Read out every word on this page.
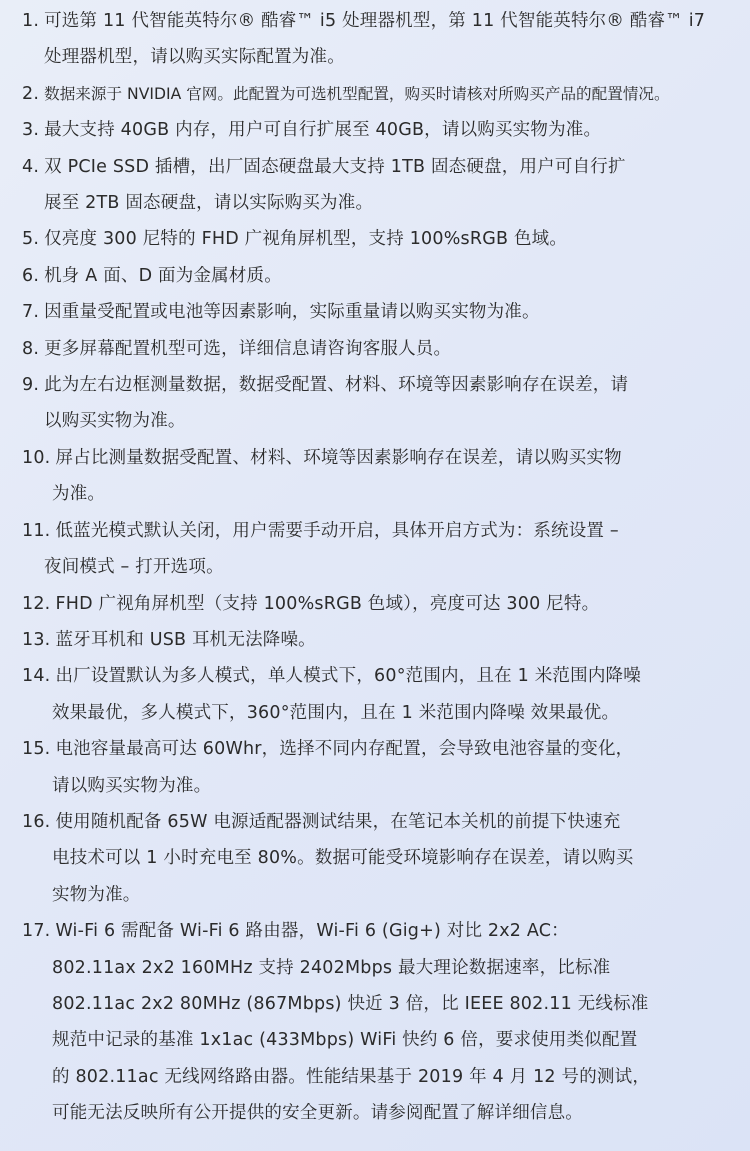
1. 可选第 11 代智能英特尔® 酷睿™ i5 处理器机型，第 11 代智能英特尔® 酷睿™ i7
处理器机型，请以购买实际配置为准。
2. 数据来源于 NVIDIA 官网。此配置为可选机型配置，购买时请核对所购买产品的配置情况。
3. 最大支持 40GB 内存，用户可自行扩展至 40GB，请以购买实物为准。
4. 双 PCIe SSD 插槽，出厂固态硬盘最大支持 1TB 固态硬盘，用户可自行扩
展至 2TB 固态硬盘，请以实际购买为准。
5. 仅亮度 300 尼特的 FHD 广视角屏机型，支持 100%sRGB 色域。
6. 机身 A 面、D 面为金属材质。
7. 因重量受配置或电池等因素影响，实际重量请以购买实物为准。
8. 更多屏幕配置机型可选，详细信息请咨询客服人员。
9. 此为左右边框测量数据，数据受配置、材料、环境等因素影响存在误差，请
以购买实物为准。
10. 屏占比测量数据受配置、材料、环境等因素影响存在误差，请以购买实物
为准。
11. 低蓝光模式默认关闭，用户需要手动开启，具体开启方式为：系统设置 –
夜间模式 – 打开选项。
12. FHD 广视角屏机型（支持 100%sRGB 色域），亮度可达 300 尼特。
13. 蓝牙耳机和 USB 耳机无法降噪。
14. 出厂设置默认为多人模式，单人模式下，60°范围内，且在 1 米范围内降噪
效果最优，多人模式下，360°范围内，且在 1 米范围内降噪 效果最优。
15. 电池容量最高可达 60Whr，选择不同内存配置，会导致电池容量的变化，
请以购买实物为准。
16. 使用随机配备 65W 电源适配器测试结果，在笔记本关机的前提下快速充
电技术可以 1 小时充电至 80%。数据可能受环境影响存在误差，请以购买
实物为准。
17. Wi-Fi 6 需配备 Wi-Fi 6 路由器，Wi-Fi 6 (Gig+) 对比 2x2 AC：
802.11ax 2x2 160MHz 支持 2402Mbps 最大理论数据速率，比标准
802.11ac 2x2 80MHz (867Mbps) 快近 3 倍，比 IEEE 802.11 无线标准
规范中记录的基准 1x1ac (433Mbps) WiFi 快约 6 倍，要求使用类似配置
的 802.11ac 无线网络路由器。性能结果基于 2019 年 4 月 12 号的测试，
可能无法反映所有公开提供的安全更新。请参阅配置了解详细信息。
